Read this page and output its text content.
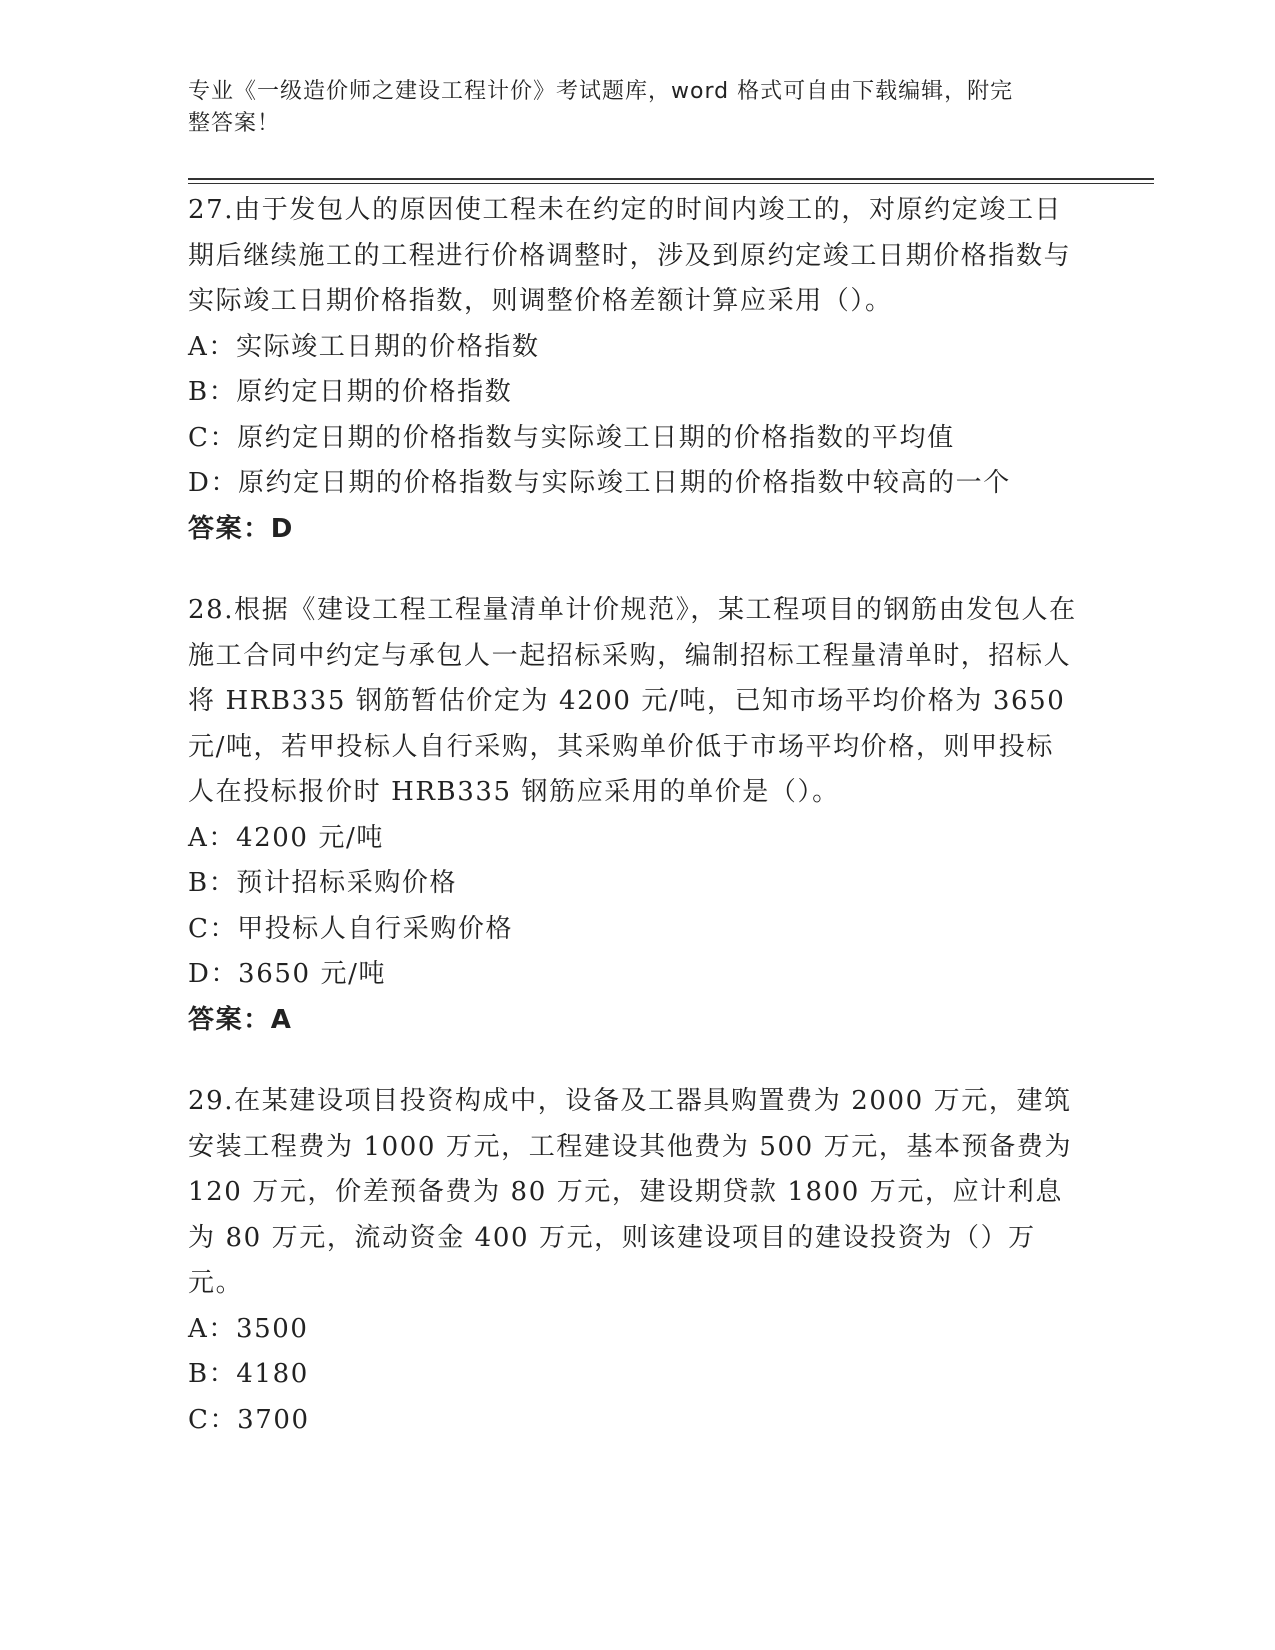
专业《一级造价师之建设工程计价》考试题库，word 格式可自由下载编辑，附完
整答案！

27.由于发包人的原因使工程未在约定的时间内竣工的，对原约定竣工日期后继续施工的工程进行价格调整时，涉及到原约定竣工日期价格指数与实际竣工日期价格指数，则调整价格差额计算应采用（）。

A：实际竣工日期的价格指数

B：原约定日期的价格指数

C：原约定日期的价格指数与实际竣工日期的价格指数的平均值

D：原约定日期的价格指数与实际竣工日期的价格指数中较高的一个

答案：D

28.根据《建设工程工程量清单计价规范》，某工程项目的钢筋由发包人在施工合同中约定与承包人一起招标采购，编制招标工程量清单时，招标人将 HRB335 钢筋暂估价定为 4200 元/吨，已知市场平均价格为 3650 元/吨，若甲投标人自行采购，其采购单价低于市场平均价格，则甲投标人在投标报价时 HRB335 钢筋应采用的单价是（）。

A：4200 元/吨

B：预计招标采购价格

C：甲投标人自行采购价格

D：3650 元/吨

答案：A

29.在某建设项目投资构成中，设备及工器具购置费为 2000 万元，建筑安装工程费为 1000 万元，工程建设其他费为 500 万元，基本预备费为 120 万元，价差预备费为 80 万元，建设期贷款 1800 万元，应计利息为 80 万元，流动资金 400 万元，则该建设项目的建设投资为（）万元。

A：3500

B：4180

C：3700
